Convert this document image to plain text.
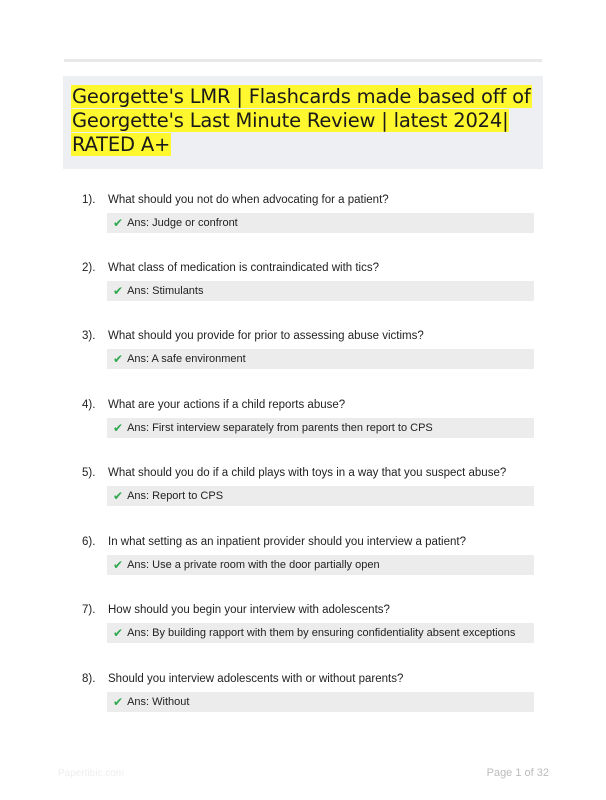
Georgette's LMR | Flashcards made based off of Georgette's Last Minute Review | latest 2024| RATED A+

1). What should you not do when advocating for a patient?
✔ Ans: Judge or confront
2). What class of medication is contraindicated with tics?
✔ Ans: Stimulants
3). What should you provide for prior to assessing abuse victims?
✔ Ans: A safe environment
4). What are your actions if a child reports abuse?
✔ Ans: First interview separately from parents then report to CPS
5). What should you do if a child plays with toys in a way that you suspect abuse?
✔ Ans: Report to CPS
6). In what setting as an inpatient provider should you interview a patient?
✔ Ans: Use a private room with the door partially open
7). How should you begin your interview with adolescents?
✔ Ans: By building rapport with them by ensuring confidentiality absent exceptions
8). Should you interview adolescents with or without parents?
✔ Ans: Without
Papertibic.com	Page 1 of 32
